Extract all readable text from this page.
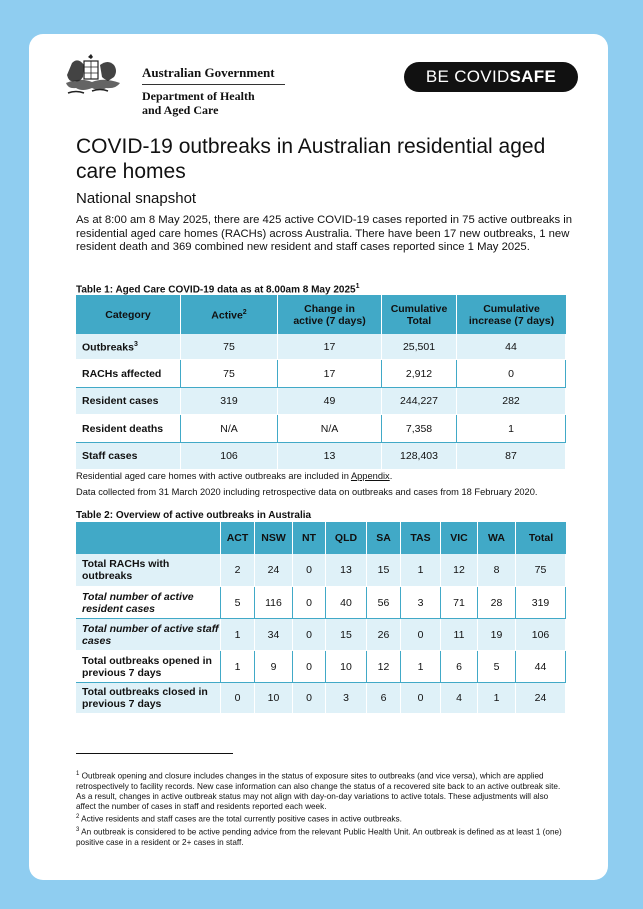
Australian Government
Department of Health
and Aged Care
BE COVID SAFE
COVID-19 outbreaks in Australian residential aged care homes
National snapshot
As at 8:00 am 8 May 2025, there are 425 active COVID-19 cases reported in 75 active outbreaks in residential aged care homes (RACHs) across Australia. There have been 17 new outbreaks, 1 new resident death and 369 combined new resident and staff cases reported since 1 May 2025.
Table 1: Aged Care COVID-19 data as at 8.00am 8 May 2025$^1$
Category	Active$^2$	Change in active (7 days)	Cumulative Total	Cumulative increase (7 days)
Outbreaks$^3$	75	17	25,501	44
RACHs affected	75	17	2,912	0
Resident cases	319	49	244,227	282
Resident deaths	N/A	N/A	7,358	1
Staff cases	106	13	128,403	87
Residential aged care homes with active outbreaks are included in Appendix.
Data collected from 31 March 2020 including retrospective data on outbreaks and cases from 18 February 2020.
Table 2: Overview of active outbreaks in Australia
	ACT	NSW	NT	QLD	SA	TAS	VIC	WA	Total
Total RACHs with outbreaks	2	24	0	13	15	1	12	8	75
Total number of active resident cases	5	116	0	40	56	3	71	28	319
Total number of active staff cases	1	34	0	15	26	0	11	19	106
Total outbreaks opened in previous 7 days	1	9	0	10	12	1	6	5	44
Total outbreaks closed in previous 7 days	0	10	0	3	6	0	4	1	24
$^1$ Outbreak opening and closure includes changes in the status of exposure sites to outbreaks (and vice versa), which are applied retrospectively to facility records. New case information can also change the status of a recovered site back to an active outbreak site. As a result, changes in active outbreak status may not align with day-on-day variations to active totals. These adjustments will also affect the number of cases in staff and residents reported each week.
$^2$ Active residents and staff cases are the total currently positive cases in active outbreaks.
$^3$ An outbreak is considered to be active pending advice from the relevant Public Health Unit. An outbreak is defined as at least 1 (one) positive case in a resident or 2+ cases in staff.
